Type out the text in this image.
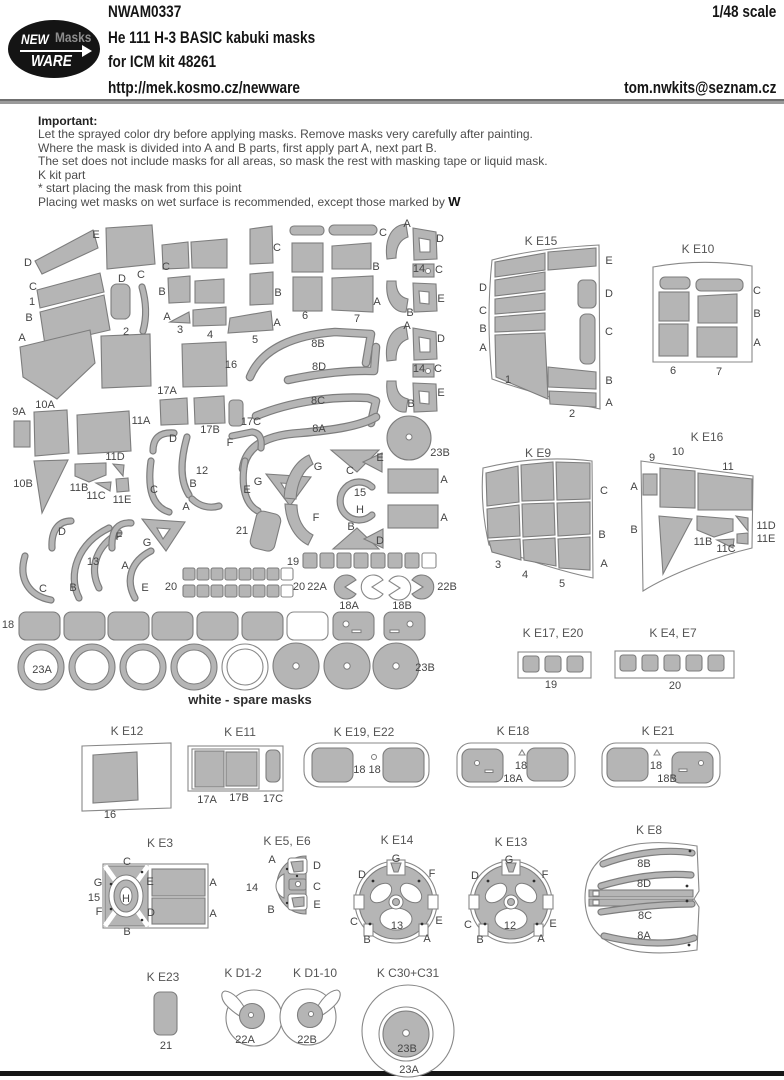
NEW Masks
WARE
NWAM0337
He 111 H-3 BASIC kabuki masks
for ICM kit 48261
http://mek.kosmo.cz/newware
1/48 scale
tom.nwkits@seznam.cz
Important:
Let the sprayed color dry before applying masks. Remove masks very carefully after painting.
Where the mask is divided into A and B parts, first apply part A, next part B.
The set does not include masks for all areas, so mask the rest with masking tape or liquid mask.
K kit part
* start placing the mask from this point
Placing wet masks on wet surface is recommended, except those marked by W
E
D
C
1
B
A
D C
2
C
B
A
3 4
C
B
A
5
6	7
C
B
A
A
D
14 C
E
B
A
D
14 C
E
B
8B
8D
8C
8A
16
17A
17B
17C
9A
10A
11A
10B	11B
11C
11D
11E
D
12
B
A
C
F
E
G
D
13
F G
A
B
C	E
21
23B
G C
E
15
H
F
B
D
A
A
19
20	20 22A
18A	18B
22B
18
23A	23B
white - spare masks
K E15
E
D	D
C
C
B
A
1	B
A
2
K E10
C
B
A
6	7
K E9
C
B
A
3
4
5
K E16
9 10
11
A
B
11B
11C
11D
11E
K E17, E20
19
K E4, E7
20
K E12
16
K E11
17A 17B 17C
K E19, E22
18 18
K E18
18
18A
K E21
18
18B
K E3
C
G
15
F
B
E
D
H
A
A
K E5, E6
A
14
B
D
C
E
K E14
G
D	F
C	E
B	A
13
K E13
G
D	F
C	E
B	A
12
K E8
8B
8D
8C
8A
K E23
21
K D1-2
22A
K D1-10
22B
K C30+C31
23B
23A
